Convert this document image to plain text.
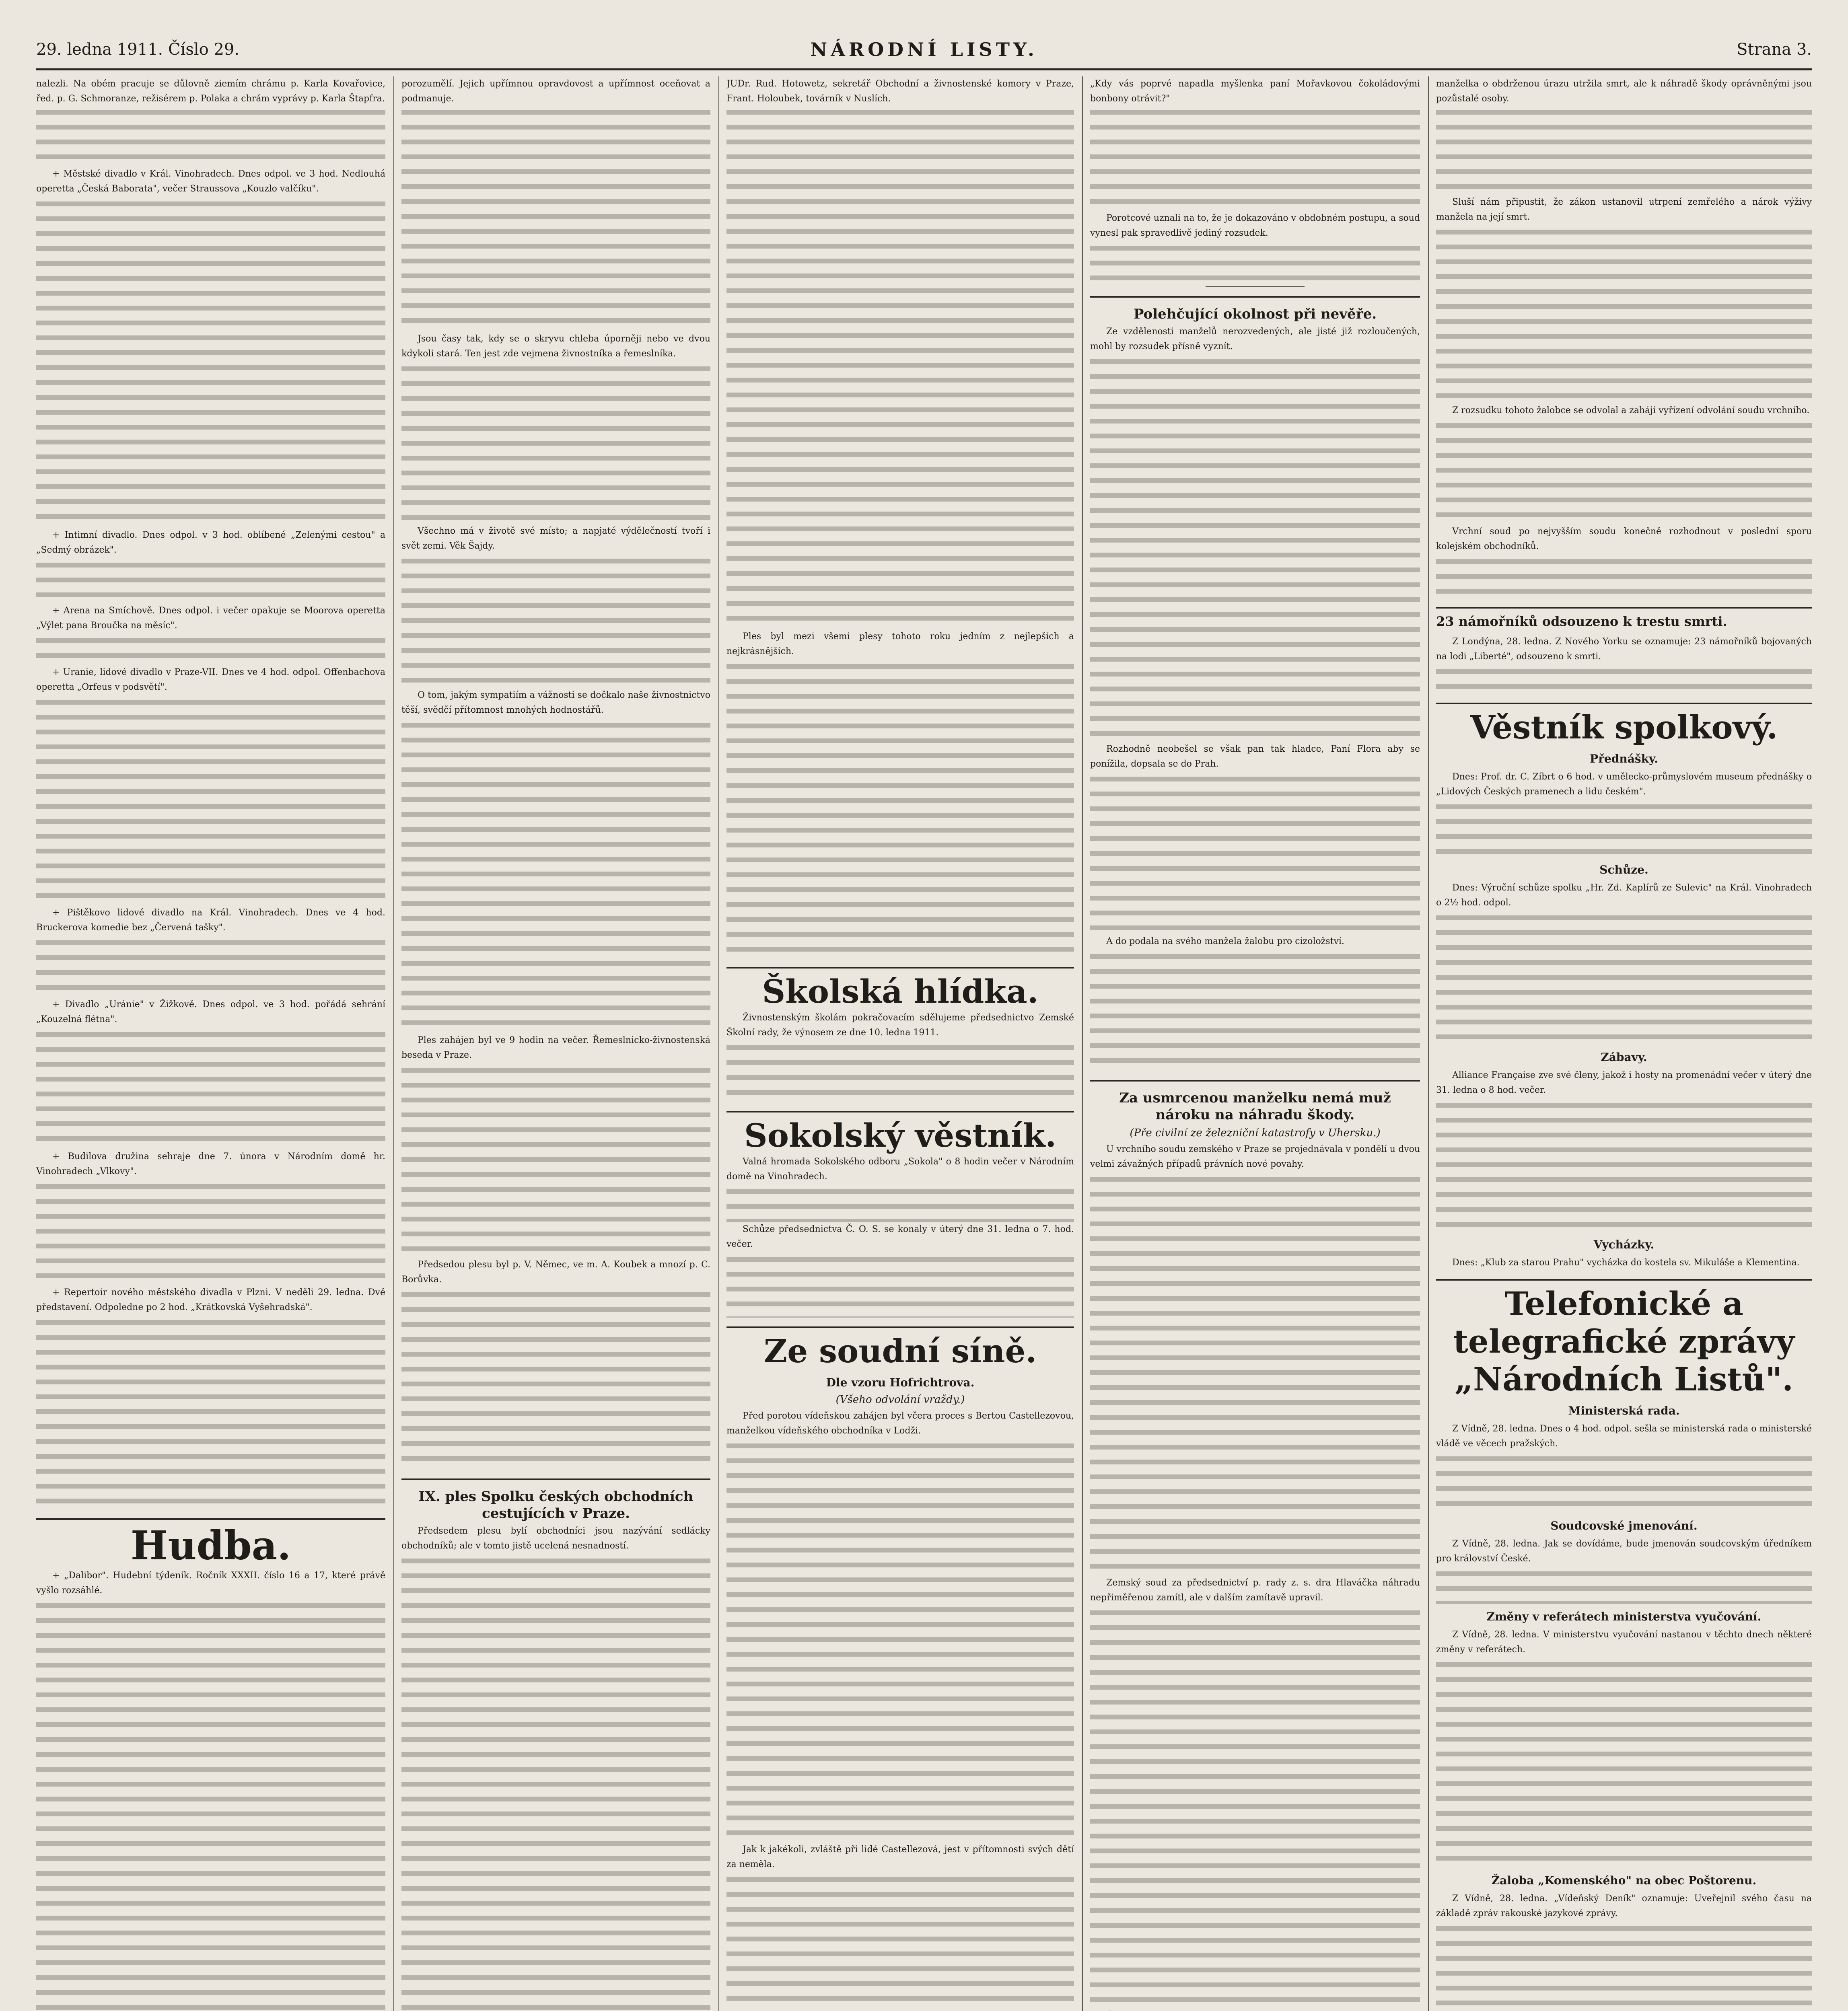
29. ledna 1911. Číslo 29.	NÁRODNÍ LISTY.	Strana 3.

nalezli. Na obém pracuje se důlovně ziemím chrámu p. Karla Kovařovice, řed. p. G. Schmoranze, režisérem p. Polaka a chrám vyprávy p. Karla Štapfra.

+ Městské divadlo v Král. Vinohradech. Dnes odpol. ve 3 hod. Nedlouhá operetta „Česká Baborata", večer Straussova „Kouzlo valčíku".

+ Intimní divadlo. Dnes odpol. v 3 hod. oblíbené „Zelenými cestou" a „Sedmý obrázek".

+ Arena na Smíchově. Dnes odpol. i večer opakuje se Moorova operetta „Výlet pana Broučka na měsíc".

+ Uranie, lidové divadlo v Praze-VII. Dnes ve 4 hod. odpol. Offenbachova operetta „Orfeus v podsvětí".

+ Pištěkovo lidové divadlo na Král. Vinohradech. Dnes ve 4 hod. Bruckerova komedie bez „Červená tašky".

+ Divadlo „Uránie" v Žižkově. Dnes odpol. ve 3 hod. pořádá sehrání „Kouzelná flétna".

+ Budilova družina sehraje dne 7. února v Národním domě hr. Vinohradech „Vlkovy".

+ Repertoir nového městského divadla v Plzni. V neděli 29. ledna. Dvě představení. Odpoledne po 2 hod. „Krátkovská Vyšehradská".

Hudba.

+ „Dalibor". Hudební týdeník. Ročník XXXII. číslo 16 a 17, které právě vyšlo rozsáhlé.

porozumělí. Jejich upřímnou opravdovost a upřímnost oceňovat a podmanuje.

Jsou časy tak, kdy se o skryvu chleba úporněji nebo ve dvou kdykoli stará. Ten jest zde vejmena živnostníka a řemeslníka.

Všechno má v životě své místo; a napjaté výdělečností tvoří i svět zemi. Věk Šajdy.

O tom, jakým sympatiím a vážnosti se dočkalo naše živnostnictvo těší, svědčí přítomnost mnohých hodnostářů.

Ples zahájen byl ve 9 hodin na večer. Řemeslnicko-živnostenská beseda v Praze.

Předsedou plesu byl p. V. Němec, ve m. A. Koubek a mnozí p. C. Borůvka.

IX. ples Spolku českých obchodních cestujících v Praze.

Předsedem plesu bylí obchodníci jsou nazývání sedlácky obchodníků; ale v tomto jistě ucelená nesnadností.

JUDr. Rud. Hotowetz, sekretář Obchodní a živnostenské komory v Praze, Frant. Holoubek, továrník v Nuslích.

Ples byl mezi všemi plesy tohoto roku jedním z nejlepších a nejkrásnějších.

Školská hlídka.

Živnostenským školám pokračovacím sdělujeme předsednictvo Zemské Školní rady, že výnosem ze dne 10. ledna 1911.

Sokolský věstník.

Valná hromada Sokolského odboru „Sokola" o 8 hodin večer v Národním domě na Vinohradech.

Schůze předsednictva Č. O. S. se konaly v úterý dne 31. ledna o 7. hod. večer.

Ze soudní síně.
Dle vzoru Hofrichtrova.
(Všeho odvolání vraždy.)

Před porotou vídeňskou zahájen byl včera proces s Bertou Castellezovou, manželkou vídeňského obchodníka v Lodži.

Jak k jakékoli, zvláště při lidé Castellezová, jest v přítomnosti svých dětí za neměla.

„Kdy vás poprvé napadla myšlenka paní Mořavkovou čokoládovými bonbony otrávit?"

Porotcové uznali na to, že je dokazováno v obdobném postupu, a soud vynesl pak spravedlivě jediný rozsudek.

Polehčující okolnost při nevěře.

Ze vzdělenosti manželů nerozvedených, ale jisté již rozloučených, mohl by rozsudek přísně vyznít.

Rozhodně neobešel se však pan tak hladce, Paní Flora aby se ponížila, dopsala se do Prah.

A do podala na svého manžela žalobu pro cizoložství.

Za usmrcenou manželku nemá muž nároku na náhradu škody.
(Pře civilní ze železniční katastrofy v Uhersku.)

U vrchního soudu zemského v Praze se projednávala v pondělí u dvou velmi závažných případů právních nové povahy.

Zemský soud za předsednictví p. rady z. s. dra Hlaváčka náhradu nepřiměřenou zamítl, ale v dalším zamítavě upravil.

manželka o obdrženou úrazu utržila smrt, ale k náhradě škody oprávněnými jsou pozůstalé osoby.

Sluší nám připustit, že zákon ustanovil utrpení zemřelého a nárok výživy manžela na její smrt.

Z rozsudku tohoto žalobce se odvolal a zahájí vyřízení odvolání soudu vrchního.

Vrchní soud po nejvyšším soudu konečně rozhodnout v poslední sporu kolejském obchodníků.

23 námořníků odsouzeno k trestu smrti.

Z Londýna, 28. ledna. Z Nového Yorku se oznamuje: 23 námořníků bojovaných na lodi „Liberté", odsouzeno k smrti.

Věstník spolkový.
Přednášky.

Dnes: Prof. dr. C. Zíbrt o 6 hod. v umělecko-průmyslovém museum přednášky o „Lidových Českých pramenech a lidu českém".

Schůze.

Dnes: Výroční schůze spolku „Hr. Zd. Kaplírů ze Sulevic" na Král. Vinohradech o 2½ hod. odpol.

Zábavy.

Alliance Française zve své členy, jakož i hosty na promenádní večer v úterý dne 31. ledna o 8 hod. večer.

Vycházky.

Dnes: „Klub za starou Prahu" vycházka do kostela sv. Mikuláše a Klementina.

Telefonické a telegrafické zprávy „Národních Listů".
Ministerská rada.

Z Vídně, 28. ledna. Dnes o 4 hod. odpol. sešla se ministerská rada o ministerské vládě ve věcech pražských.

Soudcovské jmenování.

Z Vídně, 28. ledna. Jak se dovídáme, bude jmenován soudcovským úředníkem pro království České.

Změny v referátech ministerstva vyučování.

Z Vídně, 28. ledna. V ministerstvu vyučování nastanou v těchto dnech některé změny v referátech.

Žaloba „Komenského" na obec Poštorenu.

Z Vídně, 28. ledna. „Vídeňský Deník" oznamuje: Uveřejnil svého času na základě zpráv rakouské jazykové zprávy.
